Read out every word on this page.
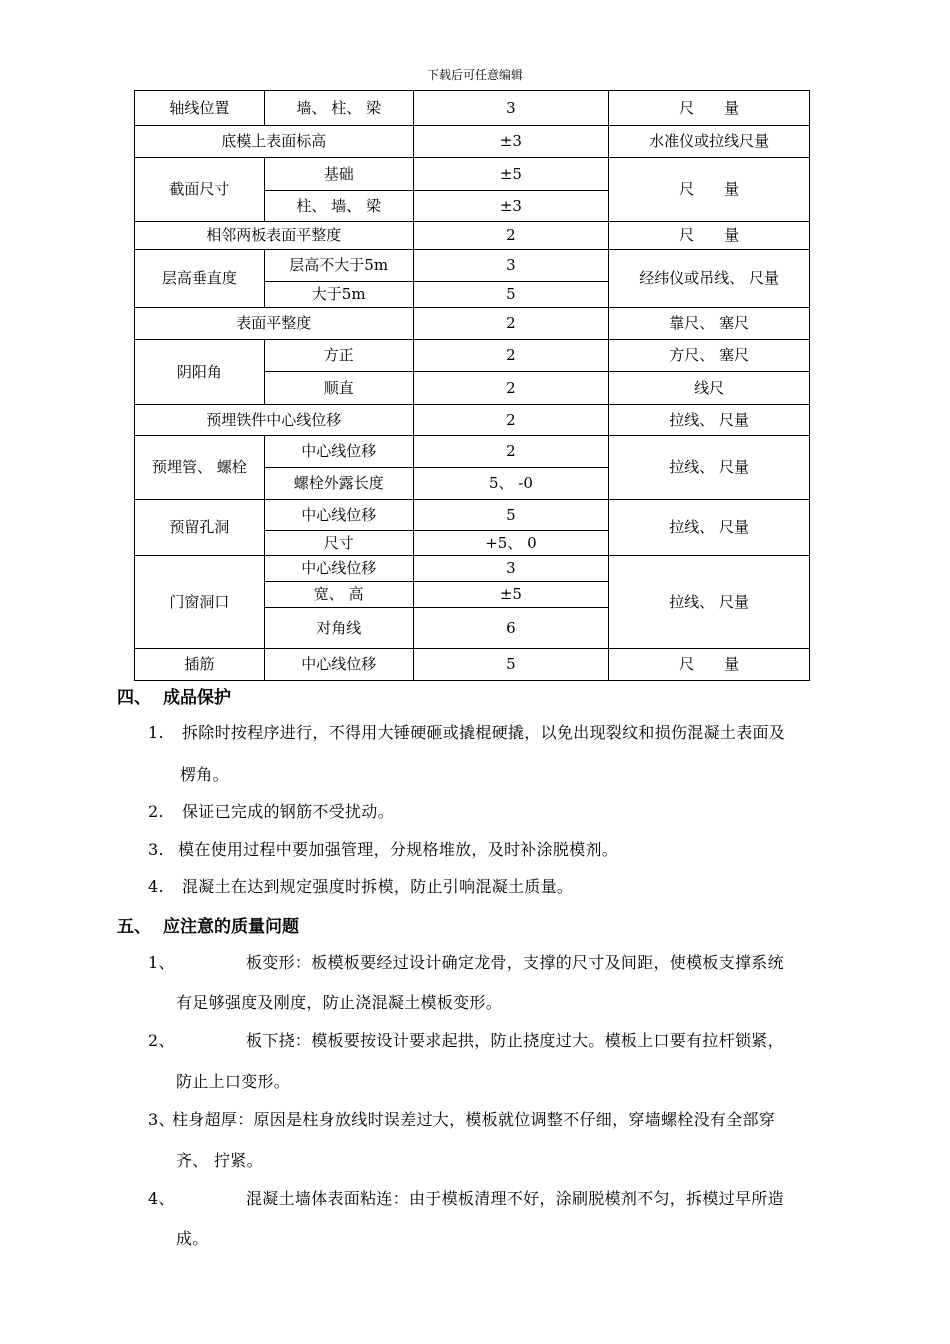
下载后可任意编辑
轴线位置	墙、 柱、 梁	3	尺　　量
底模上表面标高		±3	水准仪或拉线尺量
截面尺寸	基础	±5	尺　　量
	柱、 墙、 梁	±3	
相邻两板表面平整度		2	尺　　量
层高垂直度	层高不大于5m	3	经纬仪或吊线、 尺量
	大于5m	5	
表面平整度		2	靠尺、 塞尺
阴阳角	方正	2	方尺、 塞尺
	顺直	2	线尺
预埋铁件中心线位移		2	拉线、 尺量
预埋管、 螺栓	中心线位移	2	拉线、 尺量
	螺栓外露长度	5、 -0	
预留孔洞	中心线位移	5	拉线、 尺量
	尺寸	+5、 0	
门窗洞口	中心线位移	3	拉线、 尺量
	宽、 高	±5	
	对角线	6	
插筋	中心线位移	5	尺　　量
四、 成品保护
1. 拆除时按程序进行，不得用大锤硬砸或撬棍硬撬，以免出现裂纹和损伤混凝土表面及
楞角。
2. 保证已完成的钢筋不受扰动。
3. 模在使用过程中要加强管理，分规格堆放，及时补涂脱模剂。
4. 混凝土在达到规定强度时拆模，防止引响混凝土质量。
五、 应注意的质量问题
1、	板变形：板模板要经过设计确定龙骨，支撑的尺寸及间距，使模板支撑系统
有足够强度及刚度，防止浇混凝土模板变形。
2、	板下挠：模板要按设计要求起拱，防止挠度过大。模板上口要有拉杆锁紧，
防止上口变形。
3、柱身超厚：原因是柱身放线时误差过大，模板就位调整不仔细，穿墙螺栓没有全部穿
齐、 拧紧。
4、	混凝土墙体表面粘连：由于模板清理不好，涂刷脱模剂不匀，拆模过早所造
成。
